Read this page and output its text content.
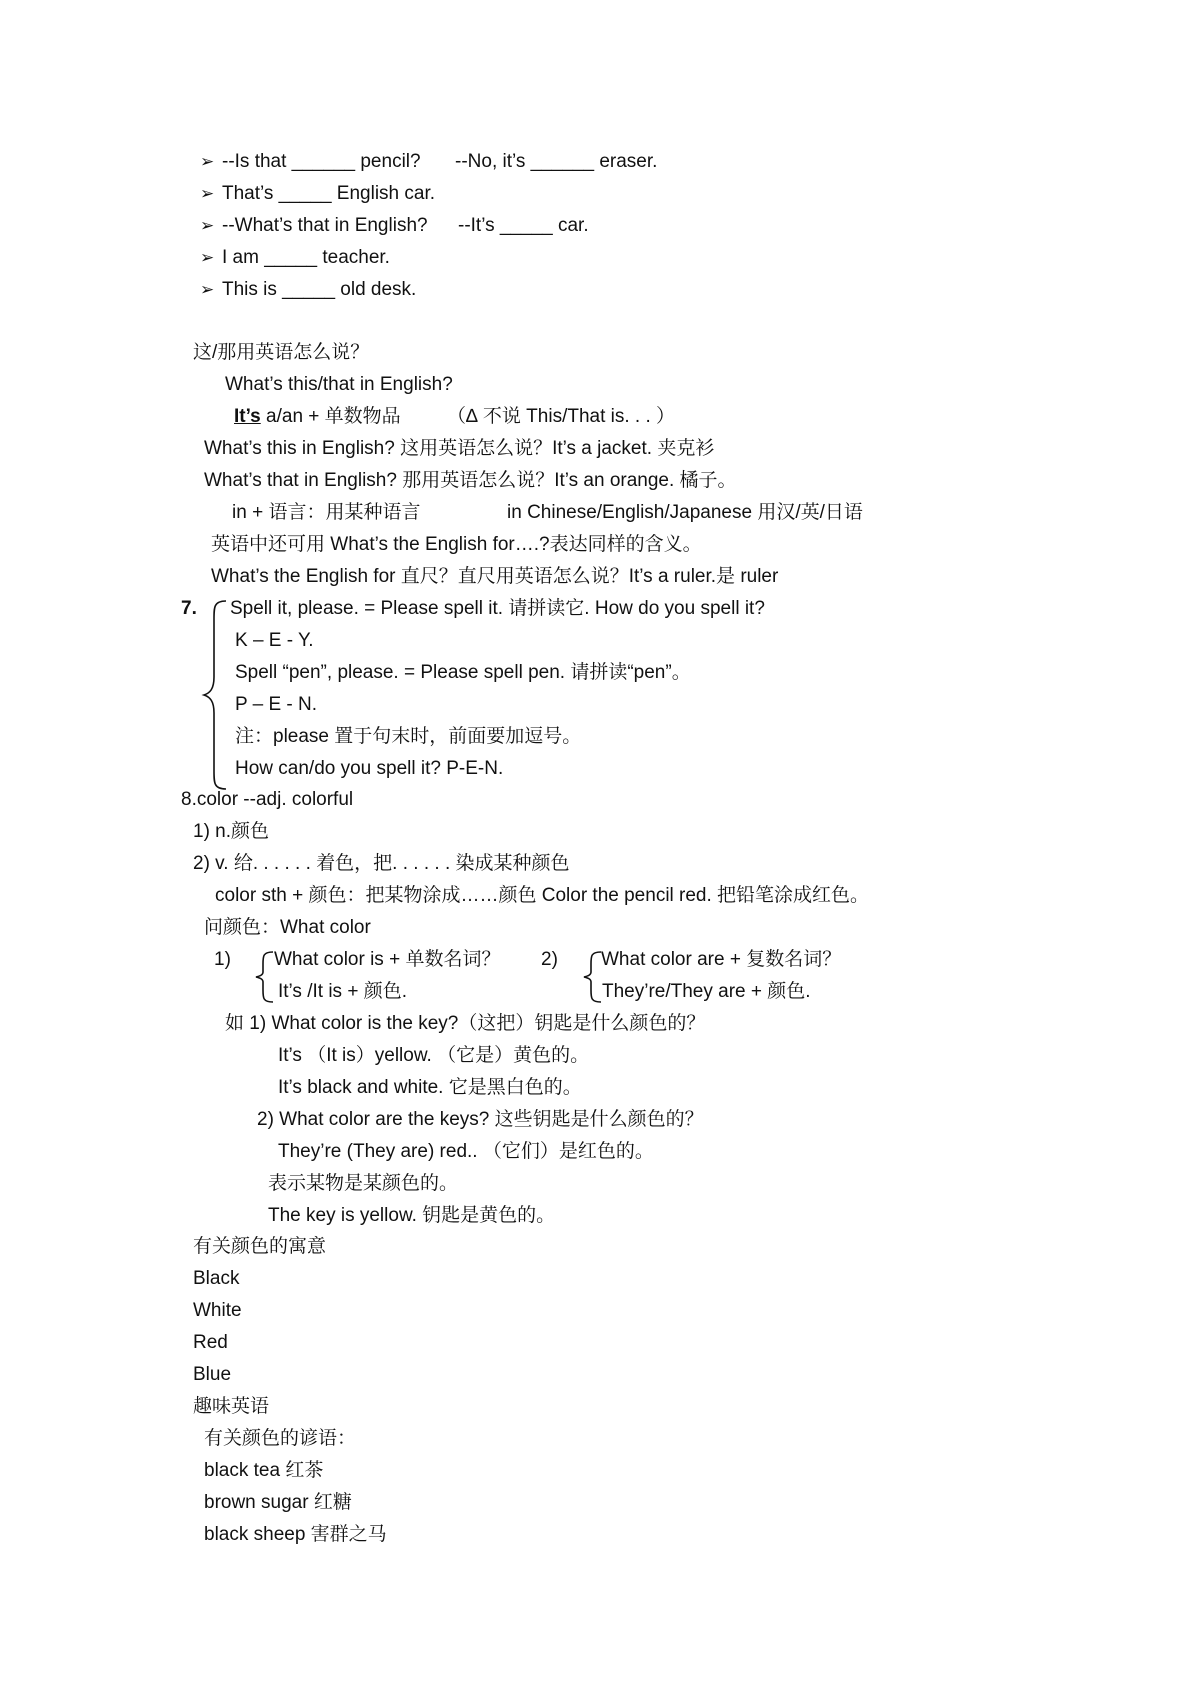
➢ --Is that ______ pencil? --No, it’s ______ eraser.
➢ That’s _____ English car.
➢ --What’s that in English? --It’s _____ car.
➢ I am _____ teacher.
➢ This is _____ old desk.
这/那用英语怎么说？
What’s this/that in English?
It’s a/an + 单数物品 （∆ 不说 This/That is. . . ）
What’s this in English? 这用英语怎么说？It’s a jacket. 夹克衫
What’s that in English? 那用英语怎么说？It’s an orange. 橘子。
in + 语言：用某种语言	in Chinese/English/Japanese 用汉/英/日语
英语中还可用 What’s the English for….?表达同样的含义。
What’s the English for 直尺？直尺用英语怎么说？It’s a ruler.是 ruler
7. Spell it, please. = Please spell it. 请拼读它. How do you spell it?
K – E - Y.
Spell “pen”, please. = Please spell pen. 请拼读“pen”。
P – E - N.
注：please 置于句末时，前面要加逗号。
How can/do you spell it? P-E-N.
8.color --adj. colorful
1) n.颜色
2) v. 给. . . . . . 着色，把. . . . . . 染成某种颜色
color sth + 颜色：把某物涂成……颜色 Color the pencil red. 把铅笔涂成红色。
问颜色：What color
1) What color is + 单数名词？
It’s /It is + 颜色.
2) What color are + 复数名词？
They’re/They are + 颜色.
如 1) What color is the key?（这把）钥匙是什么颜色的？
It’s （It is）yellow. （它是）黄色的。
It’s black and white. 它是黑白色的。
2) What color are the keys? 这些钥匙是什么颜色的？
They’re (They are) red.. （它们）是红色的。
表示某物是某颜色的。
The key is yellow. 钥匙是黄色的。
有关颜色的寓意
Black
White
Red
Blue
趣味英语
有关颜色的谚语：
black tea 红茶
brown sugar 红糖
black sheep 害群之马
